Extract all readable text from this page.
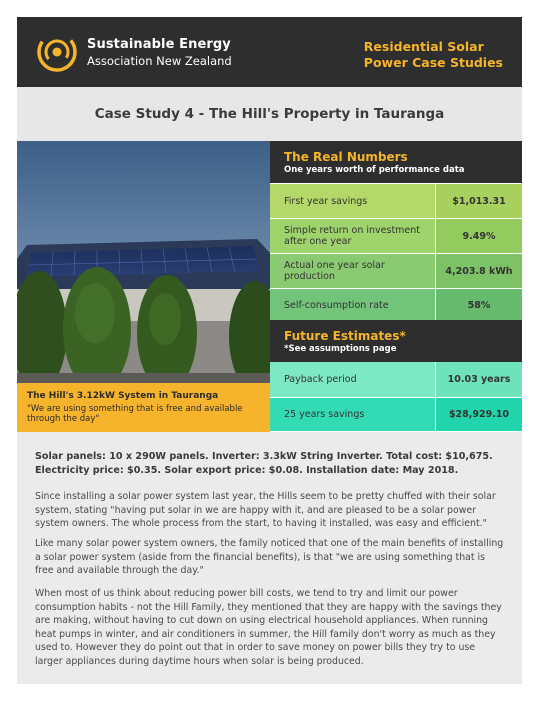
Sustainable Energy
Association New Zealand
Residential Solar
Power Case Studies
Case Study 4 - The Hill's Property in Tauranga
The Hill's 3.12kW System in Tauranga
"We are using something that is free and available through the day"
The Real Numbers
One years worth of performance data
First year savings	$1,013.31
Simple return on investment after one year	9.49%
Actual one year solar production	4,203.8 kWh
Self-consumption rate	58%
Future Estimates*
*See assumptions page
Payback period	10.03 years
25 years savings	$28,929.10
Solar panels: 10 x 290W panels. Inverter: 3.3kW String Inverter. Total cost: $10,675. Electricity price: $0.35. Solar export price: $0.08. Installation date: May 2018.
Since installing a solar power system last year, the Hills seem to be pretty chuffed with their solar system, stating "having put solar in we are happy with it, and are pleased to be a solar power system owners. The whole process from the start, to having it installed, was easy and efficient."
Like many solar power system owners, the family noticed that one of the main benefits of installing a solar power system (aside from the financial benefits), is that "we are using something that is free and available through the day."
When most of us think about reducing power bill costs, we tend to try and limit our power consumption habits - not the Hill Family, they mentioned that they are happy with the savings they are making, without having to cut down on using electrical household appliances. When running heat pumps in winter, and air conditioners in summer, the Hill family don't worry as much as they used to. However they do point out that in order to save money on power bills they try to use larger appliances during daytime hours when solar is being produced.
